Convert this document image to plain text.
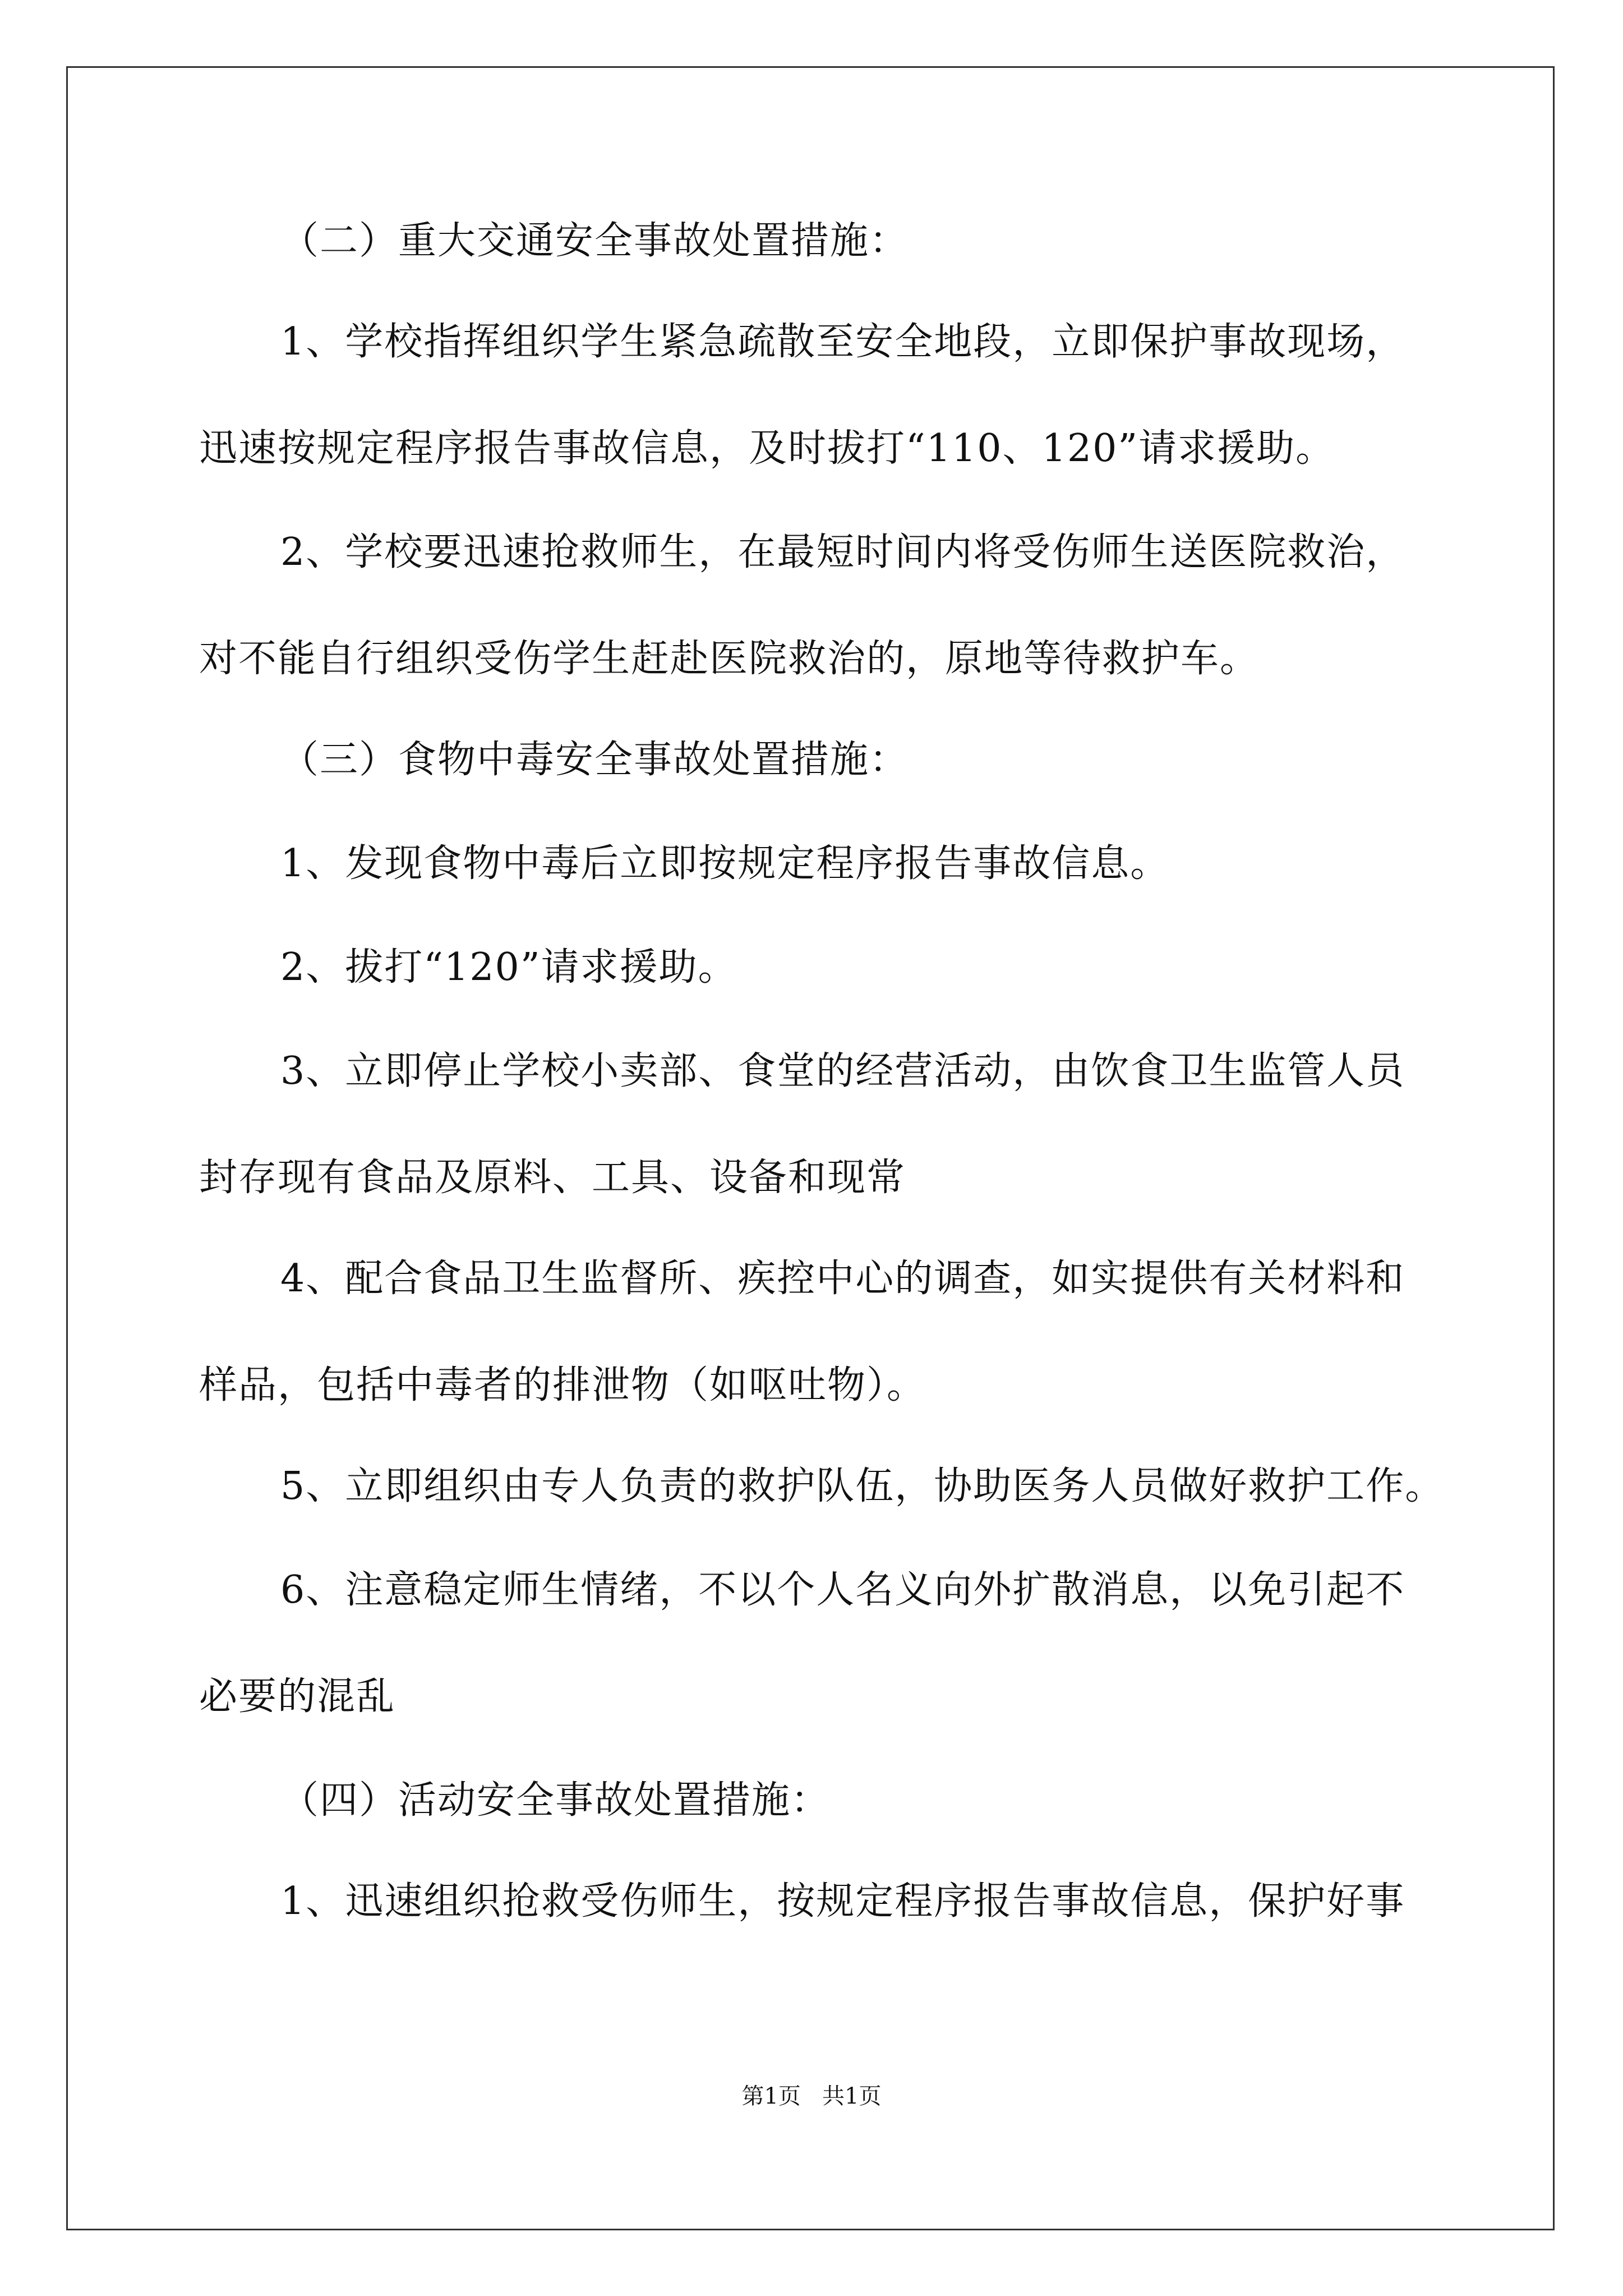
（二）重大交通安全事故处置措施：
1、学校指挥组织学生紧急疏散至安全地段，立即保护事故现场，
迅速按规定程序报告事故信息，及时拔打“110、120”请求援助。
2、学校要迅速抢救师生，在最短时间内将受伤师生送医院救治，
对不能自行组织受伤学生赶赴医院救治的，原地等待救护车。
（三）食物中毒安全事故处置措施：
1、发现食物中毒后立即按规定程序报告事故信息。
2、拔打“120”请求援助。
3、立即停止学校小卖部、食堂的经营活动，由饮食卫生监管人员
封存现有食品及原料、工具、设备和现常
4、配合食品卫生监督所、疾控中心的调查，如实提供有关材料和
样品，包括中毒者的排泄物（如呕吐物）。
5、立即组织由专人负责的救护队伍，协助医务人员做好救护工作。
6、注意稳定师生情绪，不以个人名义向外扩散消息，以免引起不
必要的混乱
（四）活动安全事故处置措施：
1、迅速组织抢救受伤师生，按规定程序报告事故信息，保护好事
第1页   共1页
